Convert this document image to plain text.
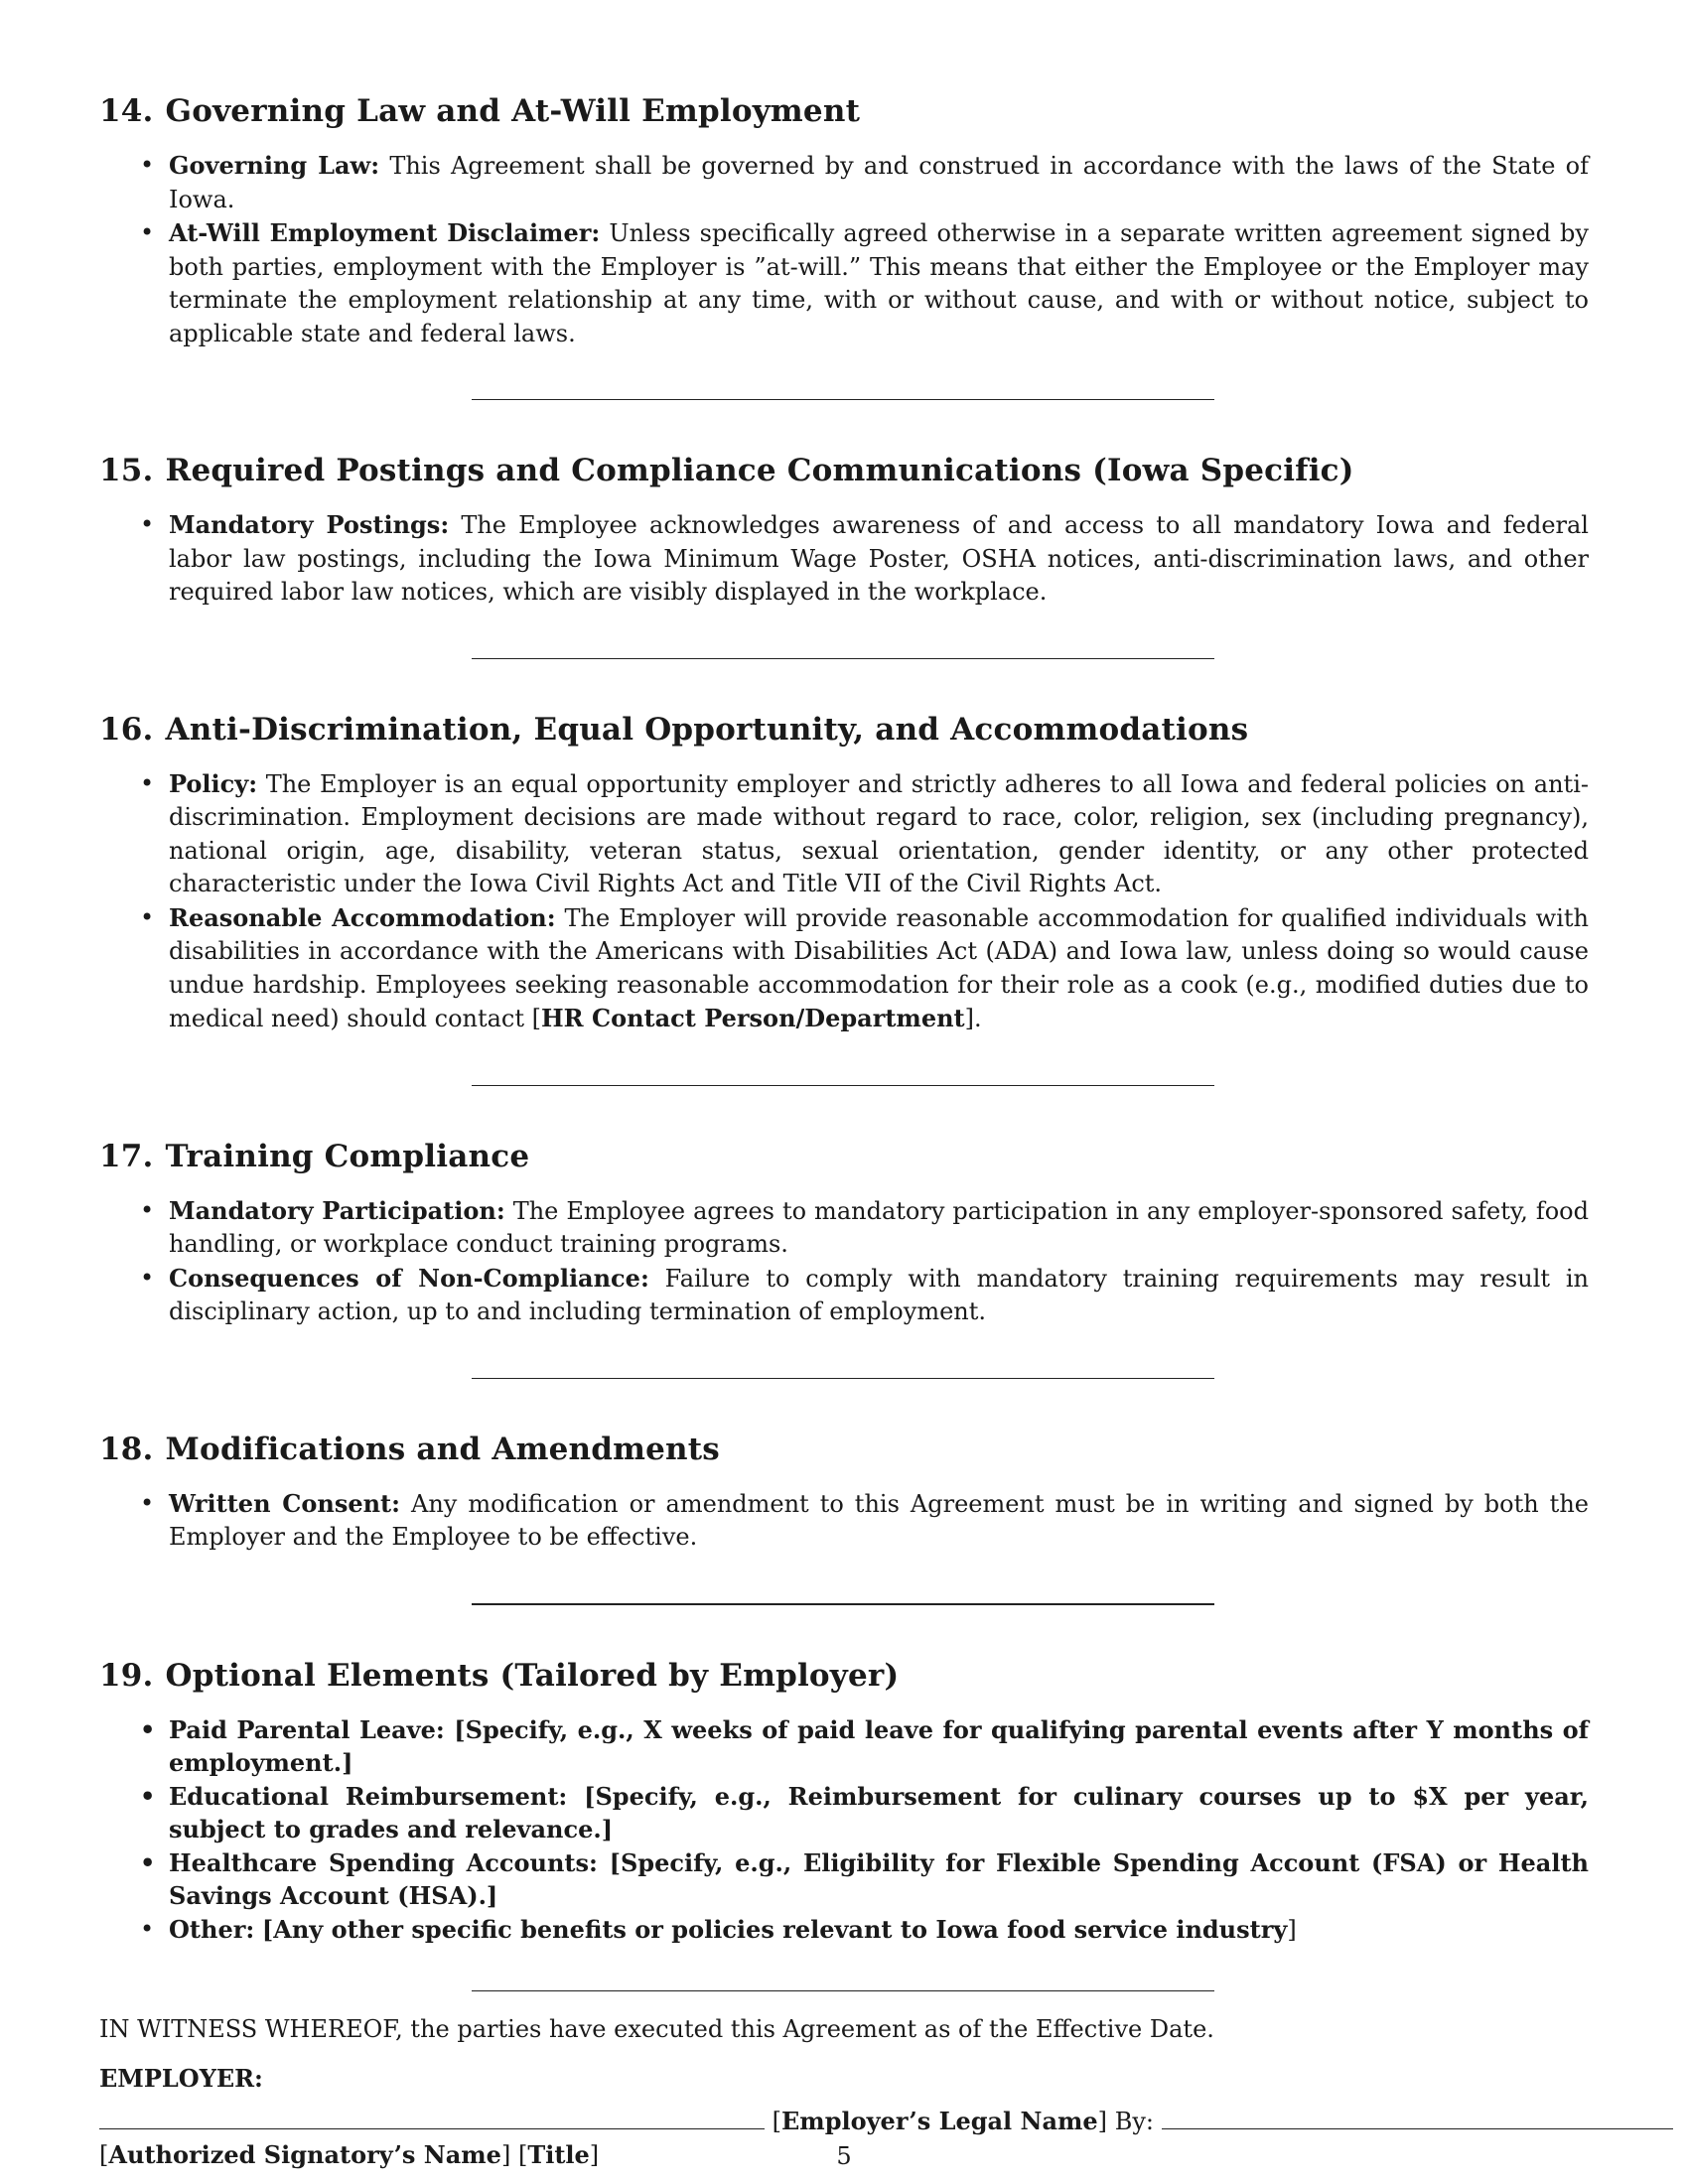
14. Governing Law and At-Will Employment
• Governing Law: This Agreement shall be governed by and construed in accordance with the laws of the State of Iowa.
• At-Will Employment Disclaimer: Unless specifically agreed otherwise in a separate written agreement signed by both parties, employment with the Employer is ”at-will.” This means that either the Employee or the Employer may terminate the employment relationship at any time, with or without cause, and with or without notice, subject to applicable state and federal laws.
15. Required Postings and Compliance Communications (Iowa Specific)
• Mandatory Postings: The Employee acknowledges awareness of and access to all mandatory Iowa and federal labor law postings, including the Iowa Minimum Wage Poster, OSHA notices, anti-discrimination laws, and other required labor law notices, which are visibly displayed in the workplace.
16. Anti-Discrimination, Equal Opportunity, and Accommodations
• Policy: The Employer is an equal opportunity employer and strictly adheres to all Iowa and federal policies on anti-discrimination. Employment decisions are made without regard to race, color, religion, sex (including pregnancy), national origin, age, disability, veteran status, sexual orientation, gender identity, or any other protected characteristic under the Iowa Civil Rights Act and Title VII of the Civil Rights Act.
• Reasonable Accommodation: The Employer will provide reasonable accommodation for qualified individuals with disabilities in accordance with the Americans with Disabilities Act (ADA) and Iowa law, unless doing so would cause undue hardship. Employees seeking reasonable accommodation for their role as a cook (e.g., modified duties due to medical need) should contact [HR Contact Person/Department].
17. Training Compliance
• Mandatory Participation: The Employee agrees to mandatory participation in any employer-sponsored safety, food handling, or workplace conduct training programs.
• Consequences of Non-Compliance: Failure to comply with mandatory training requirements may result in disciplinary action, up to and including termination of employment.
18. Modifications and Amendments
• Written Consent: Any modification or amendment to this Agreement must be in writing and signed by both the Employer and the Employee to be effective.
19. Optional Elements (Tailored by Employer)
• Paid Parental Leave: [Specify, e.g., X weeks of paid leave for qualifying parental events after Y months of employment.]
• Educational Reimbursement: [Specify, e.g., Reimbursement for culinary courses up to $X per year, subject to grades and relevance.]
• Healthcare Spending Accounts: [Specify, e.g., Eligibility for Flexible Spending Account (FSA) or Health Savings Account (HSA).]
• Other: [Any other specific benefits or policies relevant to Iowa food service industry]

IN WITNESS WHEREOF, the parties have executed this Agreement as of the Effective Date.

EMPLOYER:

[Employer’s Legal Name] By:

[Authorized Signatory’s Name] [Title]	5
